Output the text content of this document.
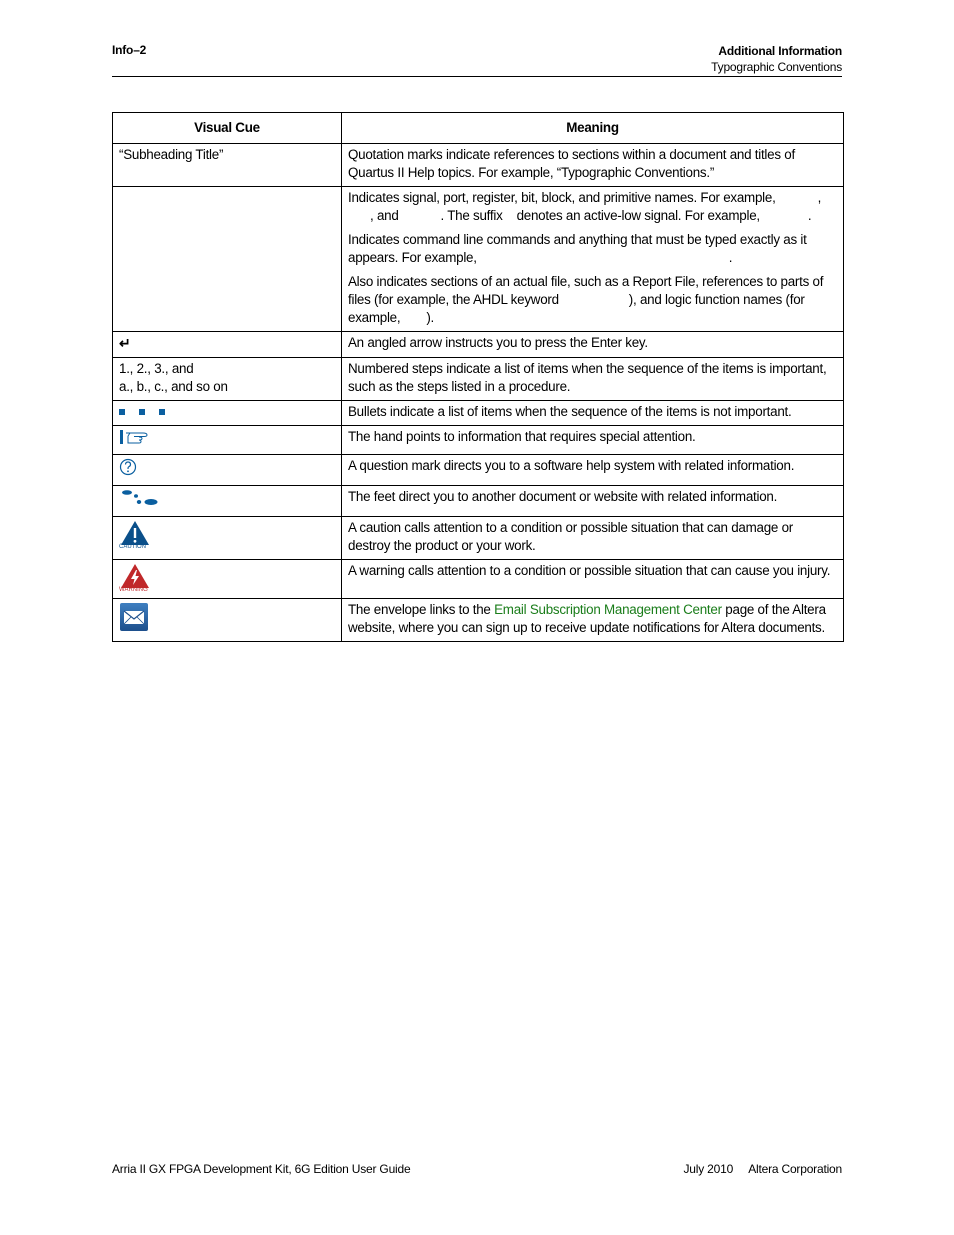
Info–2	Additional Information
Typographic Conventions
Visual Cue	Meaning
“Subheading Title”	Quotation marks indicate references to sections within a document and titles of Quartus II Help topics. For example, “Typographic Conventions.”

	Indicates signal, port, register, bit, block, and primitive names. For example, ,
, and . The suffix denotes an active-low signal. For example, .

Indicates command line commands and anything that must be typed exactly as it appears. For example, .

Also indicates sections of an actual file, such as a Report File, references to parts of files (for example, the AHDL keyword ), and logic function names (for example, ).

↵	An angled arrow instructs you to press the Enter key.

1., 2., 3., and
a., b., c., and so on	Numbered steps indicate a list of items when the sequence of the items is important, such as the steps listed in a procedure.
	Bullets indicate a list of items when the sequence of the items is not important.
	The hand points to information that requires special attention.
	A question mark directs you to a software help system with related information.
	The feet direct you to another document or website with related information.

CAUTION	A caution calls attention to a condition or possible situation that can damage or destroy the product or your work.

WARNING	A warning calls attention to a condition or possible situation that can cause you injury.
	The envelope links to the Email Subscription Management Center page of the Altera website, where you can sign up to receive update notifications for Altera documents.
Arria II GX FPGA Development Kit, 6G Edition User Guide	July 2010 Altera Corporation
